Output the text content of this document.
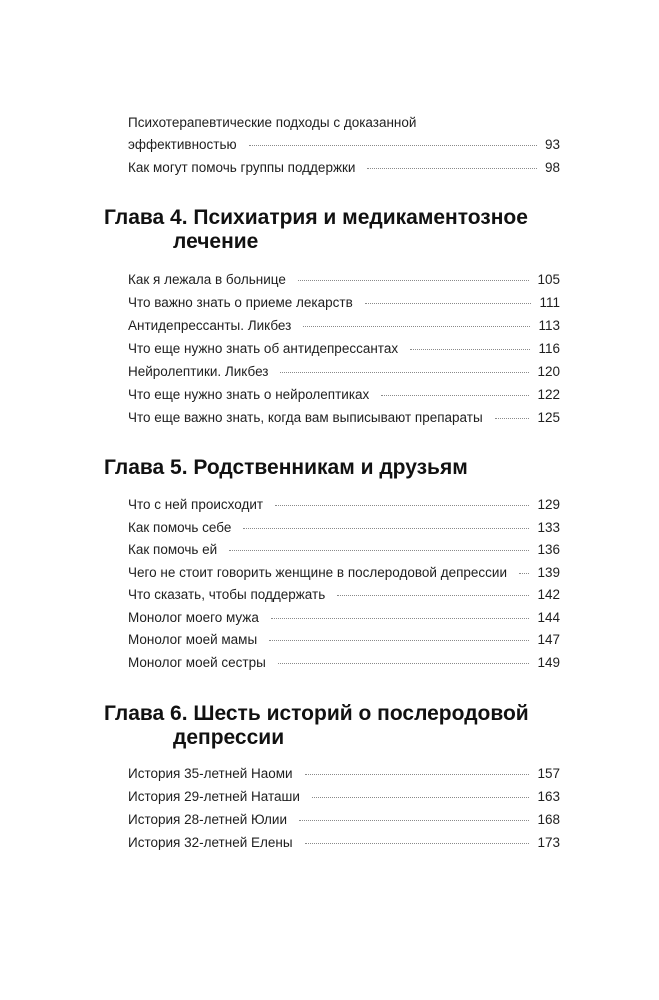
Психотерапевтические подходы с доказанной
эффективностью	93
Как могут помочь группы поддержки	98
Глава 4. Психиатрия и медикаментозное
лечение
Как я лежала в больнице	105
Что важно знать о приеме лекарств	111
Антидепрессанты. Ликбез	113
Что еще нужно знать об антидепрессантах	116
Нейролептики. Ликбез	120
Что еще нужно знать о нейролептиках	122
Что еще важно знать, когда вам выписывают препараты	125
Глава 5. Родственникам и друзьям
Что с ней происходит	129
Как помочь себе	133
Как помочь ей	136
Чего не стоит говорить женщине в послеродовой депрессии 139
Что сказать, чтобы поддержать	142
Монолог моего мужа	144
Монолог моей мамы	147
Монолог моей сестры	149
Глава 6. Шесть историй о послеродовой
депрессии
История 35-летней Наоми	157
История 29-летней Наташи	163
История 28-летней Юлии	168
История 32-летней Елены	173
